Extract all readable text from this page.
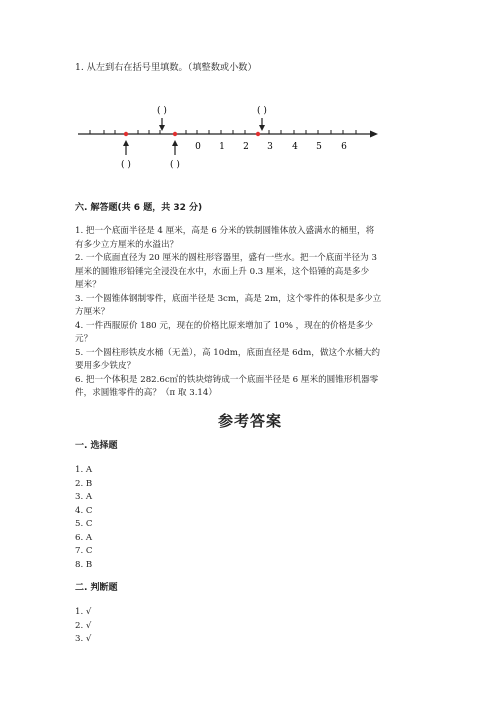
1. 从左到右在括号里填数。（填整数或小数）
( )	( )
( )	( )
0 1 2 3 4 5 6
六. 解答题(共 6 题，共 32 分)
1. 把一个底面半径是 4 厘米，高是 6 分米的铁制圆锥体放入盛满水的桶里，将
有多少立方厘米的水溢出？
2. 一个底面直径为 20 厘米的圆柱形容器里，盛有一些水。把一个底面半径为 3
厘米的圆锥形铅锤完全浸没在水中，水面上升 0.3 厘米，这个铅锤的高是多少
厘米？
3. 一个圆锥体钢制零件，底面半径是 3cm，高是 2m，这个零件的体积是多少立
方厘米？
4. 一件西服原价 180 元，现在的价格比原来增加了 10% ，现在的价格是多少
元？
5. 一个圆柱形铁皮水桶（无盖），高 10dm，底面直径是 6dm，做这个水桶大约
要用多少铁皮？
6. 把一个体积是 282.6c㎡的铁块熔铸成一个底面半径是 6 厘米的圆锥形机器零
件，求圆锥零件的高？（π 取 3.14）
参考答案
一. 选择题
1. A
2. B
3. A
4. C
5. C
6. A
7. C
8. B
二. 判断题
1. √
2. √
3. √
